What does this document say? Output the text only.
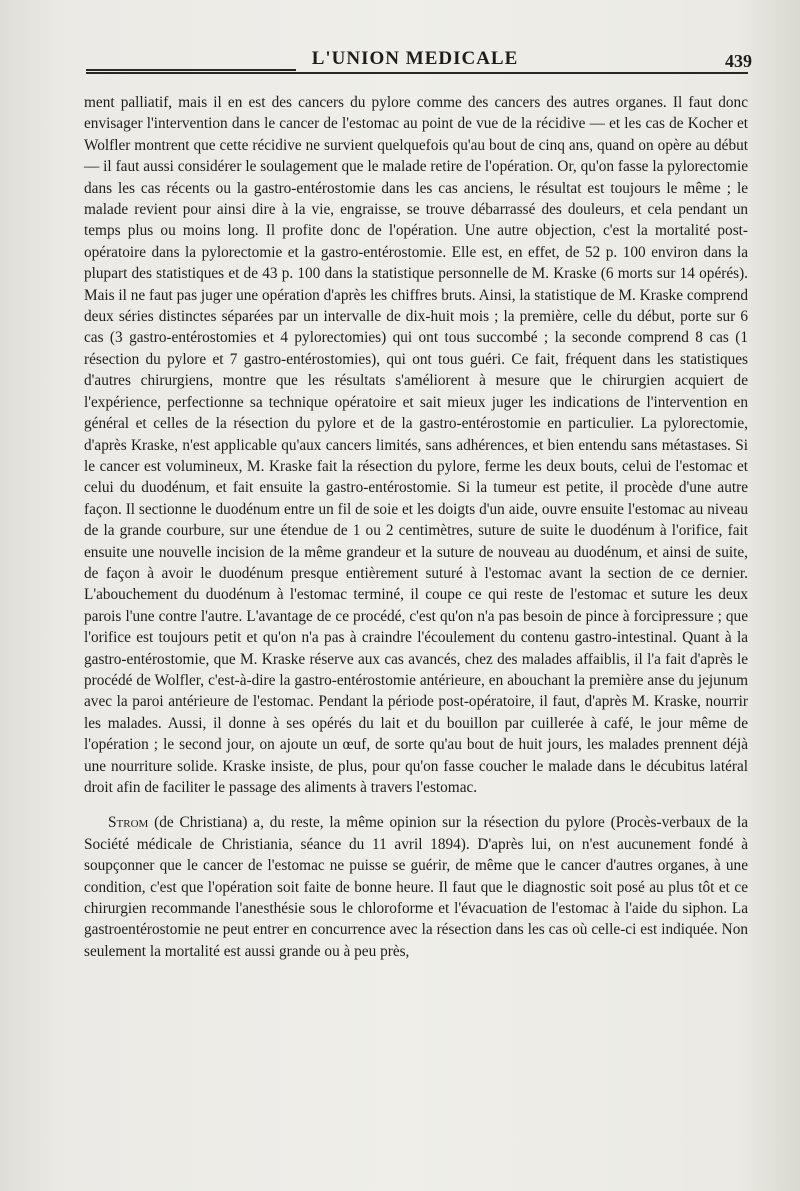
L'UNION MEDICALE	439

ment palliatif, mais il en est des cancers du pylore comme des cancers des autres organes. Il faut donc envisager l'intervention dans le cancer de l'estomac au point de vue de la récidive — et les cas de Kocher et Wolfler montrent que cette récidive ne survient quelquefois qu'au bout de cinq ans, quand on opère au début — il faut aussi considérer le soulagement que le malade retire de l'opération. Or, qu'on fasse la pylorectomie dans les cas récents ou la gastro-entérostomie dans les cas anciens, le résultat est toujours le même ; le malade revient pour ainsi dire à la vie, engraisse, se trouve débarrassé des douleurs, et cela pendant un temps plus ou moins long. Il profite donc de l'opération. Une autre objection, c'est la mortalité post-opératoire dans la pylorectomie et la gastro-entérostomie. Elle est, en effet, de 52 p. 100 environ dans la plupart des statistiques et de 43 p. 100 dans la statistique personnelle de M. Kraske (6 morts sur 14 opérés). Mais il ne faut pas juger une opération d'après les chiffres bruts. Ainsi, la statistique de M. Kraske comprend deux séries distinctes séparées par un intervalle de dix-huit mois ; la première, celle du début, porte sur 6 cas (3 gastro-entérostomies et 4 pylorectomies) qui ont tous succombé ; la seconde comprend 8 cas (1 résection du pylore et 7 gastro-entérostomies), qui ont tous guéri. Ce fait, fréquent dans les statistiques d'autres chirurgiens, montre que les résultats s'améliorent à mesure que le chirurgien acquiert de l'expérience, perfectionne sa technique opératoire et sait mieux juger les indications de l'intervention en général et celles de la résection du pylore et de la gastro-entérostomie en particulier. La pylorectomie, d'après Kraske, n'est applicable qu'aux cancers limités, sans adhérences, et bien entendu sans métastases. Si le cancer est volumineux, M. Kraske fait la résection du pylore, ferme les deux bouts, celui de l'estomac et celui du duodénum, et fait ensuite la gastro-entérostomie. Si la tumeur est petite, il procède d'une autre façon. Il sectionne le duodénum entre un fil de soie et les doigts d'un aide, ouvre ensuite l'estomac au niveau de la grande courbure, sur une étendue de 1 ou 2 centimètres, suture de suite le duodénum à l'orifice, fait ensuite une nouvelle incision de la même grandeur et la suture de nouveau au duodénum, et ainsi de suite, de façon à avoir le duodénum presque entièrement suturé à l'estomac avant la section de ce dernier. L'abouchement du duodénum à l'estomac terminé, il coupe ce qui reste de l'estomac et suture les deux parois l'une contre l'autre. L'avantage de ce procédé, c'est qu'on n'a pas besoin de pince à forcipressure ; que l'orifice est toujours petit et qu'on n'a pas à craindre l'écoulement du contenu gastro-intestinal. Quant à la gastro-entérostomie, que M. Kraske réserve aux cas avancés, chez des malades affaiblis, il l'a fait d'après le procédé de Wolfler, c'est-à-dire la gastro-entérostomie antérieure, en abouchant la première anse du jejunum avec la paroi antérieure de l'estomac. Pendant la période post-opératoire, il faut, d'après M. Kraske, nourrir les malades. Aussi, il donne à ses opérés du lait et du bouillon par cuillerée à café, le jour même de l'opération ; le second jour, on ajoute un œuf, de sorte qu'au bout de huit jours, les malades prennent déjà une nourriture solide. Kraske insiste, de plus, pour qu'on fasse coucher le malade dans le décubitus latéral droit afin de faciliter le passage des aliments à travers l'estomac.

Strom (de Christiana) a, du reste, la même opinion sur la résection du pylore (Procès-verbaux de la Société médicale de Christiania, séance du 11 avril 1894). D'après lui, on n'est aucunement fondé à soupçonner que le cancer de l'estomac ne puisse se guérir, de même que le cancer d'autres organes, à une condition, c'est que l'opération soit faite de bonne heure. Il faut que le diagnostic soit posé au plus tôt et ce chirurgien recommande l'anesthésie sous le chloroforme et l'évacuation de l'estomac à l'aide du siphon. La gastroentérostomie ne peut entrer en concurrence avec la résection dans les cas où celle-ci est indiquée. Non seulement la mortalité est aussi grande ou à peu près,
